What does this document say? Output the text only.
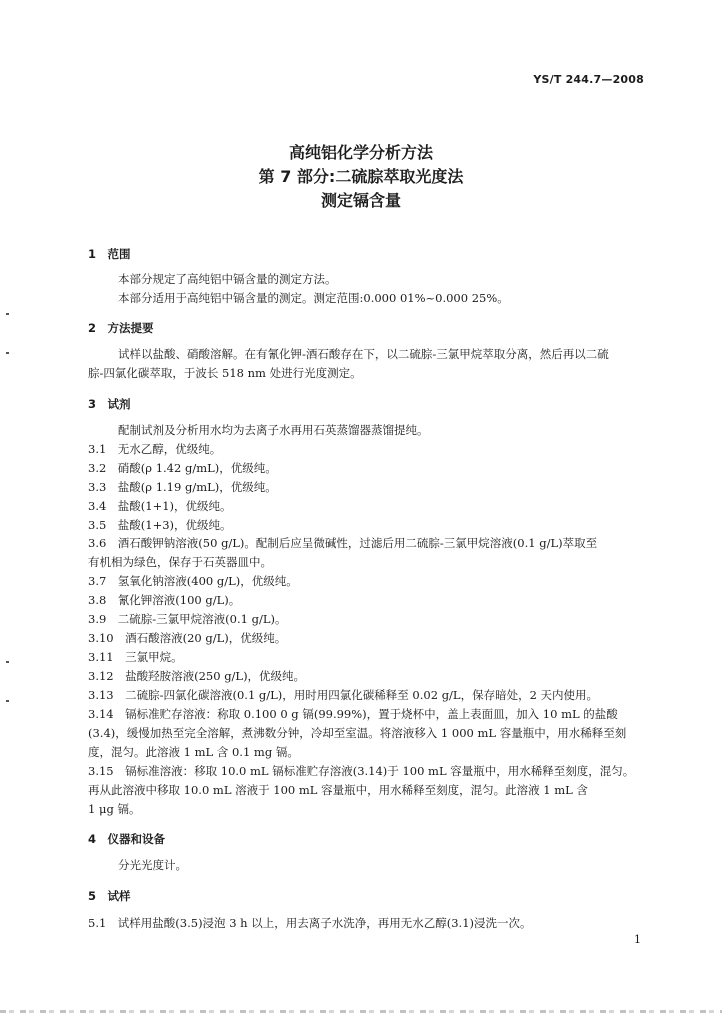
YS/T 244.7—2008
高纯铝化学分析方法
第 7 部分:二硫腙萃取光度法
测定镉含量
1　范围
本部分规定了高纯铝中镉含量的测定方法。
本部分适用于高纯铝中镉含量的测定。测定范围:0.000 01%~0.000 25%。
2　方法提要
试样以盐酸、硝酸溶解。在有氰化钾-酒石酸存在下，以二硫腙-三氯甲烷萃取分离，然后再以二硫
腙-四氯化碳萃取，于波长 518 nm 处进行光度测定。
3　试剂
配制试剂及分析用水均为去离子水再用石英蒸馏器蒸馏提纯。
3.1　无水乙醇，优级纯。
3.2　硝酸(ρ 1.42 g/mL)，优级纯。
3.3　盐酸(ρ 1.19 g/mL)，优级纯。
3.4　盐酸(1+1)，优级纯。
3.5　盐酸(1+3)，优级纯。
3.6　酒石酸钾钠溶液(50 g/L)。配制后应呈微碱性，过滤后用二硫腙-三氯甲烷溶液(0.1 g/L)萃取至
有机相为绿色，保存于石英器皿中。
3.7　氢氧化钠溶液(400 g/L)，优级纯。
3.8　氰化钾溶液(100 g/L)。
3.9　二硫腙-三氯甲烷溶液(0.1 g/L)。
3.10　酒石酸溶液(20 g/L)，优级纯。
3.11　三氯甲烷。
3.12　盐酸羟胺溶液(250 g/L)，优级纯。
3.13　二硫腙-四氯化碳溶液(0.1 g/L)，用时用四氯化碳稀释至 0.02 g/L，保存暗处，2 天内使用。
3.14　镉标准贮存溶液：称取 0.100 0 g 镉(99.99%)，置于烧杯中，盖上表面皿，加入 10 mL 的盐酸
(3.4)，缓慢加热至完全溶解，煮沸数分钟，冷却至室温。将溶液移入 1 000 mL 容量瓶中，用水稀释至刻
度，混匀。此溶液 1 mL 含 0.1 mg 镉。
3.15　镉标准溶液：移取 10.0 mL 镉标准贮存溶液(3.14)于 100 mL 容量瓶中，用水稀释至刻度，混匀。
再从此溶液中移取 10.0 mL 溶液于 100 mL 容量瓶中，用水稀释至刻度，混匀。此溶液 1 mL 含
1 μg 镉。
4　仪器和设备
分光光度计。
5　试样
5.1　试样用盐酸(3.5)浸泡 3 h 以上，用去离子水洗净，再用无水乙醇(3.1)浸洗一次。
1
